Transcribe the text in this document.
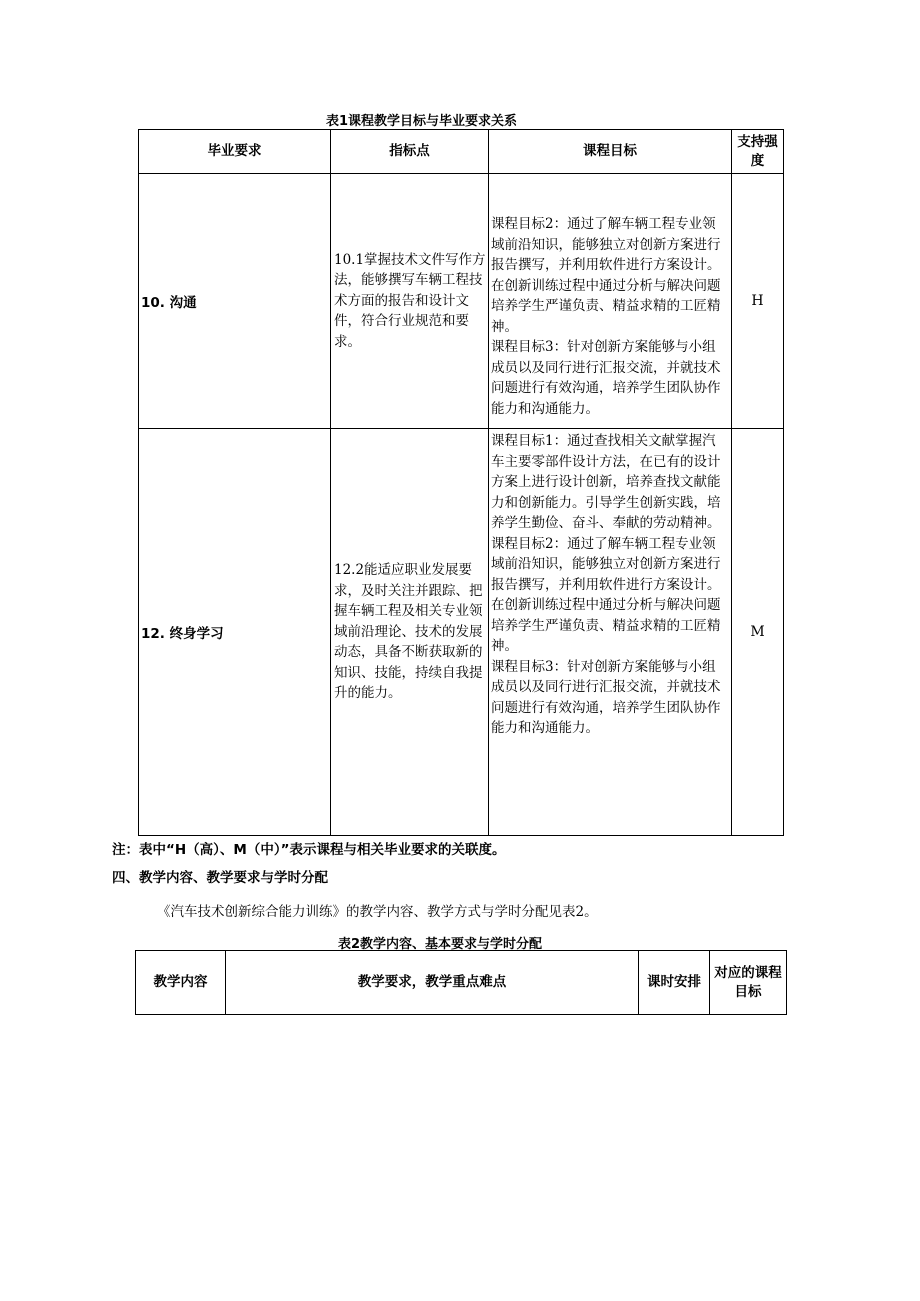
表1课程教学目标与毕业要求关系
毕业要求	指标点	课程目标	支持强度
10. 沟通	10.1掌握技术文件写作方法，能够撰写车辆工程技术方面的报告和设计文件，符合行业规范和要求。	课程目标2：通过了解车辆工程专业领域前沿知识，能够独立对创新方案进行报告撰写，并利用软件进行方案设计。在创新训练过程中通过分析与解决问题培养学生严谨负责、精益求精的工匠精神。

课程目标3：针对创新方案能够与小组成员以及同行进行汇报交流，并就技术问题进行有效沟通，培养学生团队协作能力和沟通能力。	H
12. 终身学习	12.2能适应职业发展要求，及时关注并跟踪、把握车辆工程及相关专业领域前沿理论、技术的发展动态，具备不断获取新的知识、技能，持续自我提升的能力。	课程目标1：通过查找相关文献掌握汽车主要零部件设计方法，在已有的设计方案上进行设计创新，培养查找文献能力和创新能力。引导学生创新实践，培养学生勤俭、奋斗、奉献的劳动精神。

课程目标2：通过了解车辆工程专业领域前沿知识，能够独立对创新方案进行报告撰写，并利用软件进行方案设计。在创新训练过程中通过分析与解决问题培养学生严谨负责、精益求精的工匠精神。

课程目标3：针对创新方案能够与小组成员以及同行进行汇报交流，并就技术问题进行有效沟通，培养学生团队协作能力和沟通能力。	M
注：表中“H（高）、M（中）”表示课程与相关毕业要求的关联度。
四、教学内容、教学要求与学时分配
《汽车技术创新综合能力训练》的教学内容、教学方式与学时分配见表2。
表2教学内容、基本要求与学时分配
教学内容	教学要求，教学重点难点	课时安排	对应的课程目标
